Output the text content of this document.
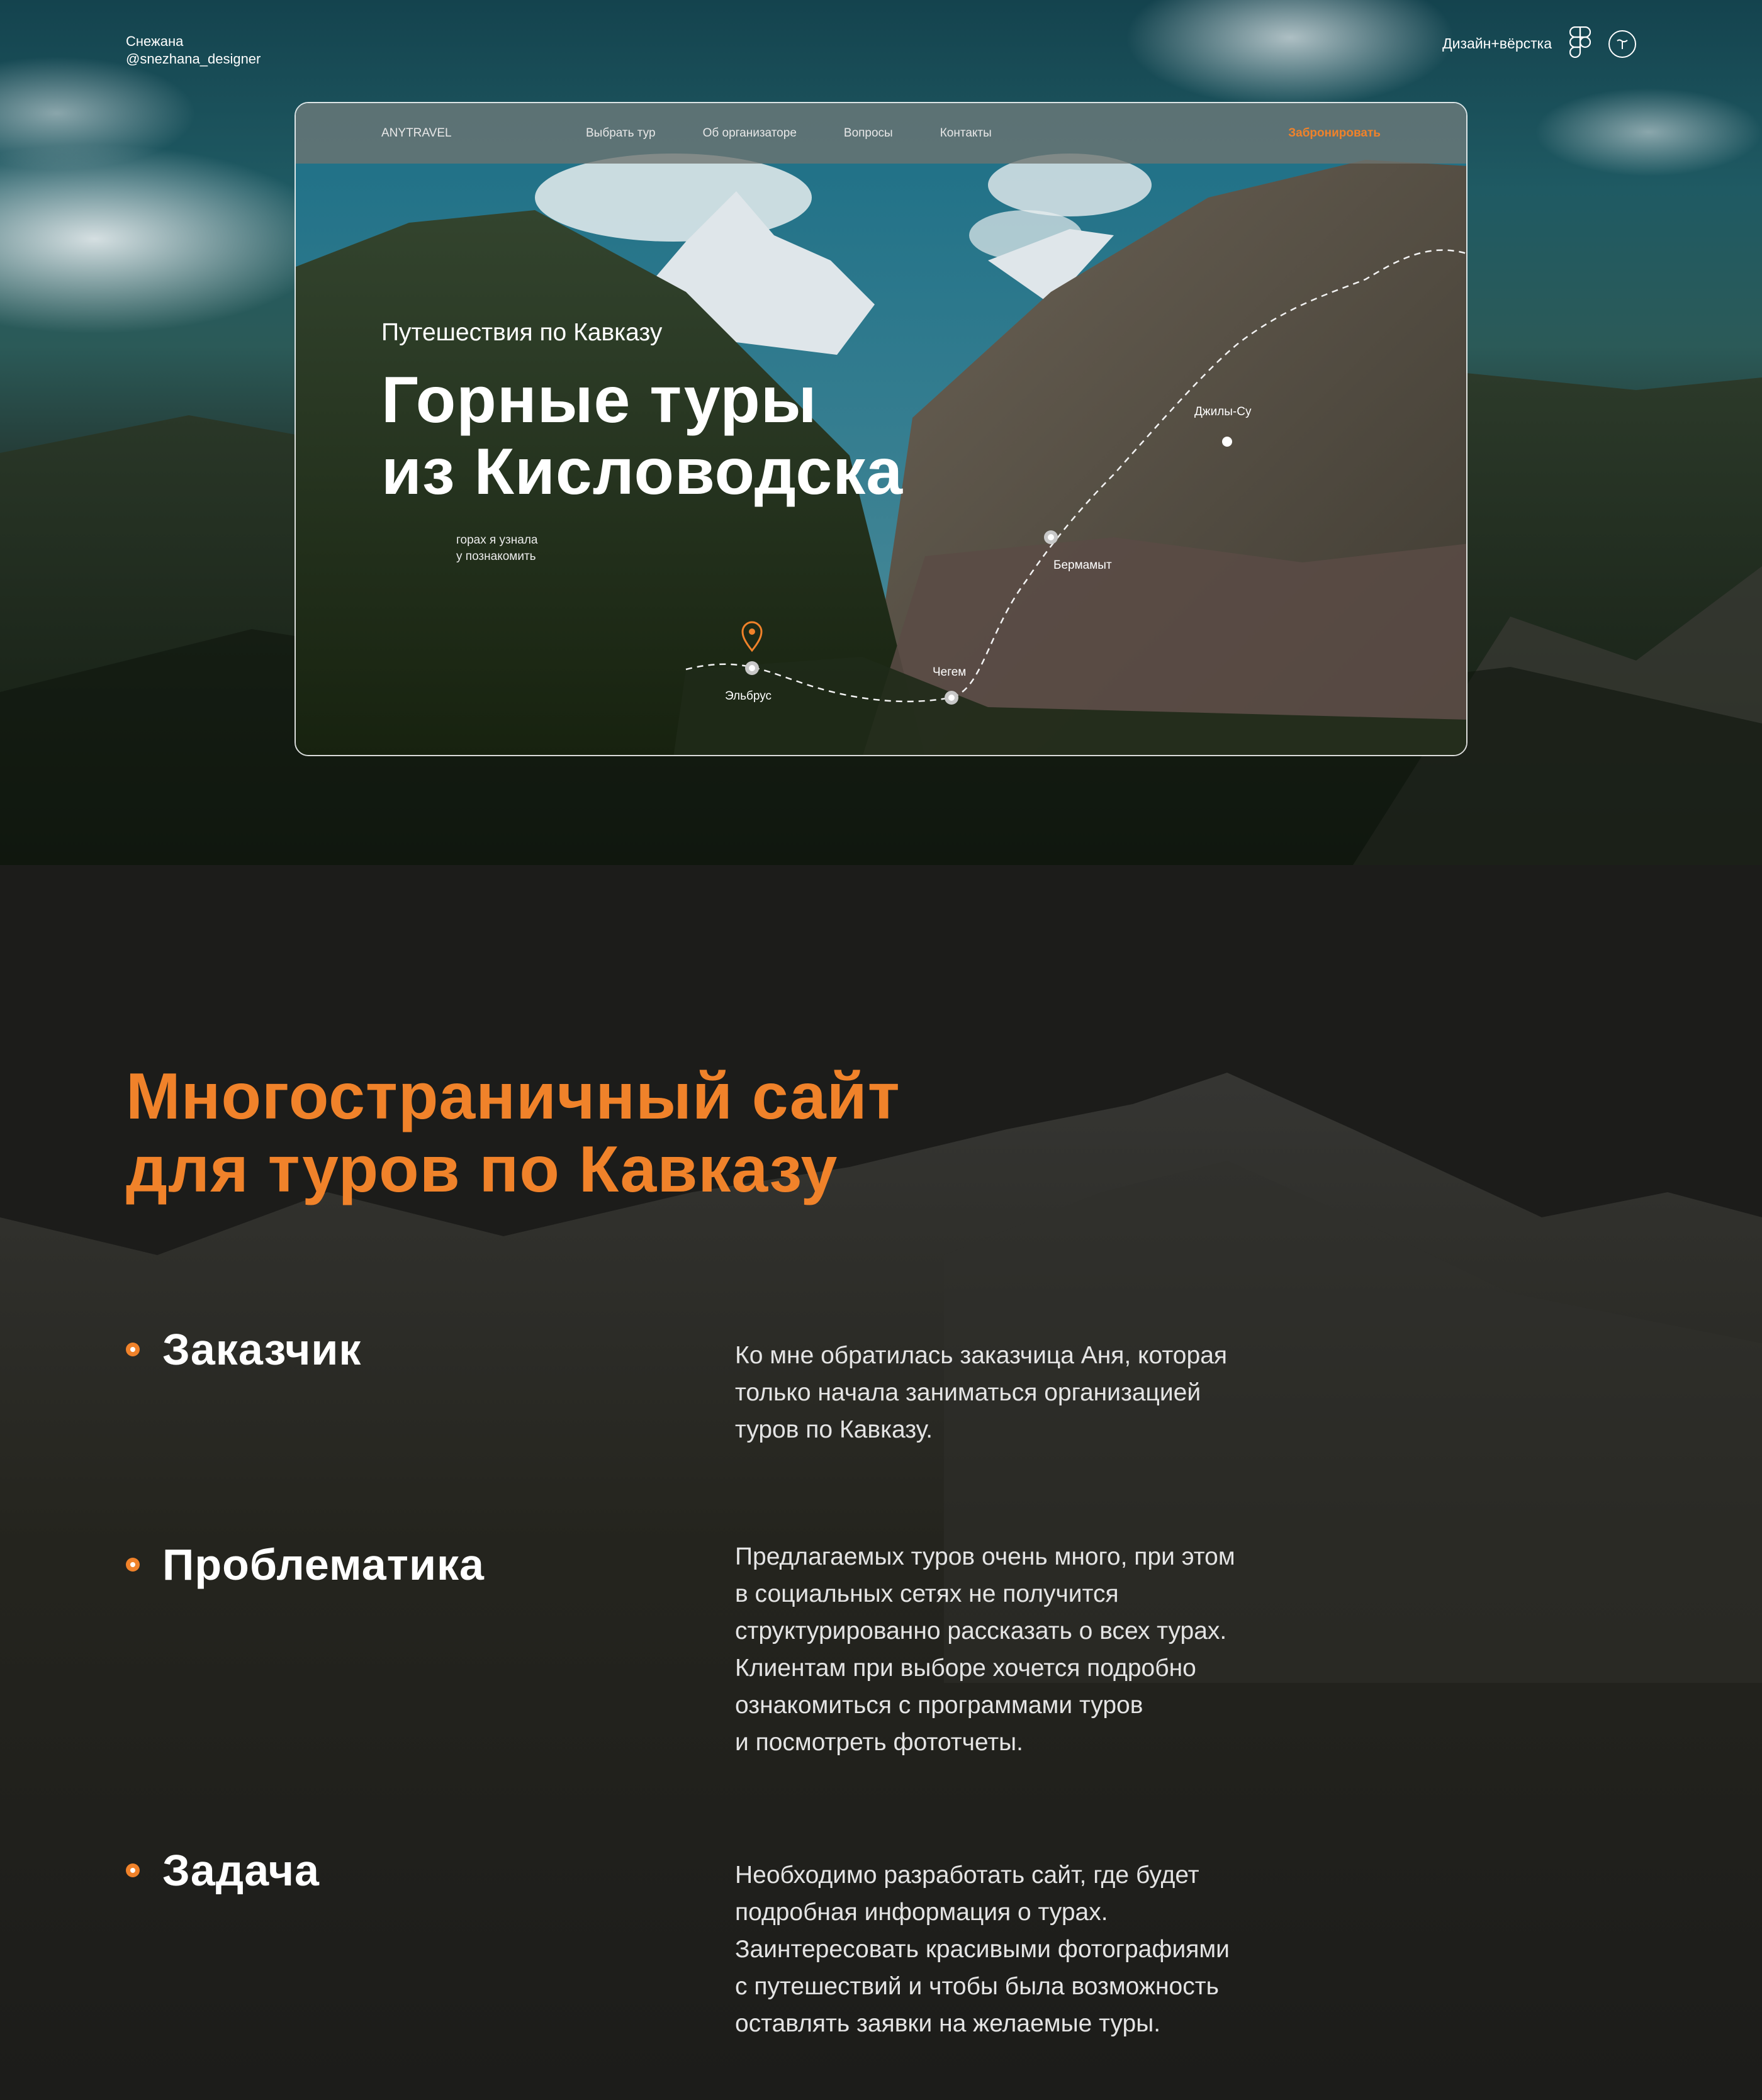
Снежана
@snezhana_designer
Дизайн+вёрстка
ANYTRAVEL	Выбрать тур	Об организаторе	Вопросы	Контакты	Забронировать
Путешествия по Кавказу
Горные туры
из Кисловодска
горах я узнала
у познакомить
Эльбрус
Чегем
Бермамыт
Джилы-Су
Многостраничный сайт
для туров по Кавказу
Заказчик	Ко мне обратилась заказчица Аня, которая
только начала заниматься организацией
туров по Кавказу.
Проблематика	Предлагаемых туров очень много, при этом
в социальных сетях не получится
структурированно рассказать о всех турах.
Клиентам при выборе хочется подробно
ознакомиться с программами туров
и посмотреть фототчеты.
Задача	Необходимо разработать сайт, где будет
подробная информация о турах.
Заинтересовать красивыми фотографиями
с путешествий и чтобы была возможность
оставлять заявки на желаемые туры.
